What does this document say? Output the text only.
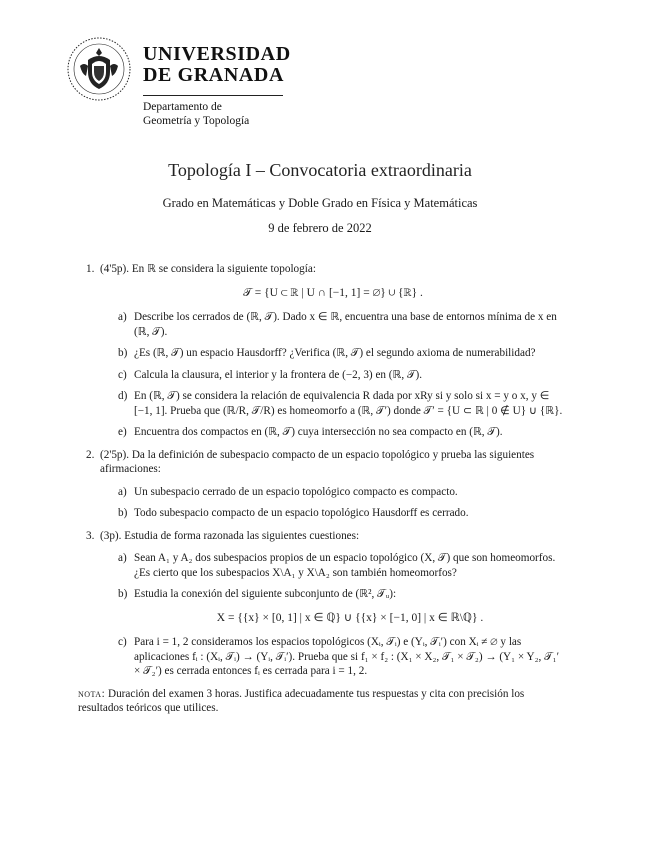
UNIVERSIDAD
DE GRANADA
Departamento de
Geometría y Topología
Topología I – Convocatoria extraordinaria
Grado en Matemáticas y Doble Grado en Física y Matemáticas
9 de febrero de 2022
1. (4'5p). En ℝ se considera la siguiente topología:
𝒯 = {U ⊂ ℝ | U ∩ [−1, 1] = ∅} ∪ {ℝ} .
a) Describe los cerrados de (ℝ, 𝒯). Dado x ∈ ℝ, encuentra una base de entornos mínima de x en (ℝ, 𝒯).
b) ¿Es (ℝ, 𝒯) un espacio Hausdorff? ¿Verifica (ℝ, 𝒯) el segundo axioma de numerabilidad?
c) Calcula la clausura, el interior y la frontera de (−2, 3) en (ℝ, 𝒯).
d) En (ℝ, 𝒯) se considera la relación de equivalencia R dada por xRy si y solo si x = y o x, y ∈ [−1, 1]. Prueba que (ℝ/R, 𝒯/R) es homeomorfo a (ℝ, 𝒯′) donde 𝒯′ = {U ⊂ ℝ | 0 ∉ U} ∪ {ℝ}.
e) Encuentra dos compactos en (ℝ, 𝒯) cuya intersección no sea compacto en (ℝ, 𝒯).
2. (2'5p). Da la definición de subespacio compacto de un espacio topológico y prueba las siguientes afirmaciones:
a) Un subespacio cerrado de un espacio topológico compacto es compacto.
b) Todo subespacio compacto de un espacio topológico Hausdorff es cerrado.
3. (3p). Estudia de forma razonada las siguientes cuestiones:
a) Sean A₁ y A₂ dos subespacios propios de un espacio topológico (X, 𝒯) que son homeomorfos. ¿Es cierto que los subespacios X\A₁ y X\A₂ son también homeomorfos?
b) Estudia la conexión del siguiente subconjunto de (ℝ², 𝒯ᵤ):
X = {{x} × [0, 1] | x ∈ ℚ} ∪ {{x} × [−1, 0] | x ∈ ℝ\ℚ} .
c) Para i = 1, 2 consideramos los espacios topológicos (Xᵢ, 𝒯ᵢ) e (Yᵢ, 𝒯ᵢ′) con Xᵢ ≠ ∅ y las aplicaciones fᵢ : (Xᵢ, 𝒯ᵢ) → (Yᵢ, 𝒯ᵢ′). Prueba que si f₁ × f₂ : (X₁ × X₂, 𝒯₁ × 𝒯₂) → (Y₁ × Y₂, 𝒯₁′ × 𝒯₂′) es cerrada entonces fᵢ es cerrada para i = 1, 2.
nota: Duración del examen 3 horas. Justifica adecuadamente tus respuestas y cita con precisión los resultados teóricos que utilices.
